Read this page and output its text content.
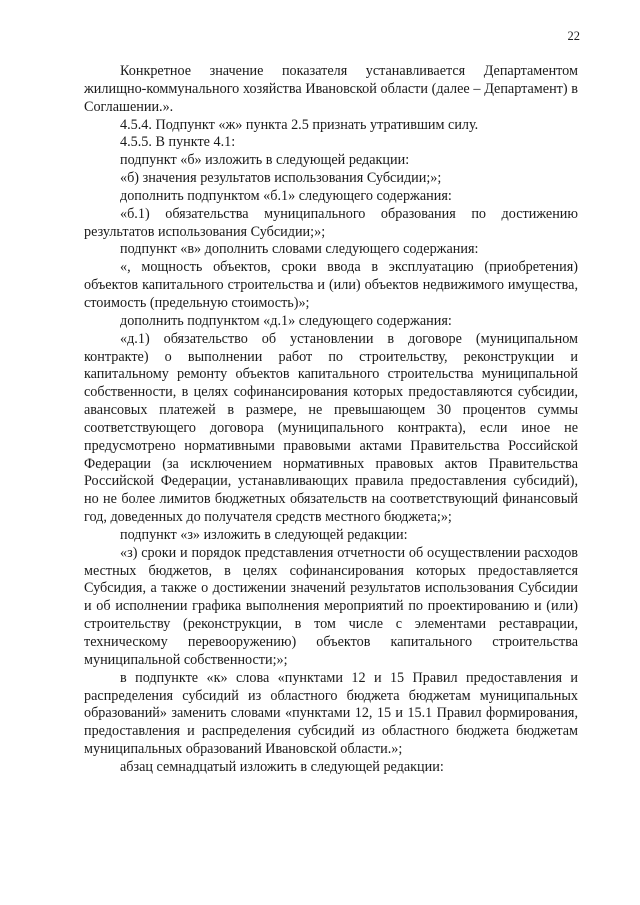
22

Конкретное значение показателя устанавливается Департаментом жилищно-коммунального хозяйства Ивановской области (далее – Департамент) в Соглашении.».

4.5.4. Подпункт «ж» пункта 2.5 признать утратившим силу.

4.5.5. В пункте 4.1:

подпункт «б» изложить в следующей редакции:

«б) значения результатов использования Субсидии;»;

дополнить подпунктом «б.1» следующего содержания:

«б.1) обязательства муниципального образования по достижению результатов использования Субсидии;»;

подпункт «в» дополнить словами следующего содержания:

«, мощность объектов, сроки ввода в эксплуатацию (приобретения) объектов капитального строительства и (или) объектов недвижимого имущества, стоимость (предельную стоимость)»;

дополнить подпунктом «д.1» следующего содержания:

«д.1) обязательство об установлении в договоре (муниципальном контракте) о выполнении работ по строительству, реконструкции и капитальному ремонту объектов капитального строительства муниципальной собственности, в целях софинансирования которых предоставляются субсидии, авансовых платежей в размере, не превышающем 30 процентов суммы соответствующего договора (муниципального контракта), если иное не предусмотрено нормативными правовыми актами Правительства Российской Федерации (за исключением нормативных правовых актов Правительства Российской Федерации, устанавливающих правила предоставления субсидий), но не более лимитов бюджетных обязательств на соответствующий финансовый год, доведенных до получателя средств местного бюджета;»;

подпункт «з» изложить в следующей редакции:

«з) сроки и порядок представления отчетности об осуществлении расходов местных бюджетов, в целях софинансирования которых предоставляется Субсидия, а также о достижении значений результатов использования Субсидии и об исполнении графика выполнения мероприятий по проектированию и (или) строительству (реконструкции, в том числе с элементами реставрации, техническому перевооружению) объектов капитального строительства муниципальной собственности;»;

в подпункте «к» слова «пунктами 12 и 15 Правил предоставления и распределения субсидий из областного бюджета бюджетам муниципальных образований» заменить словами «пунктами 12, 15 и 15.1 Правил формирования, предоставления и распределения субсидий из областного бюджета бюджетам муниципальных образований Ивановской области.»;

абзац семнадцатый изложить в следующей редакции:
